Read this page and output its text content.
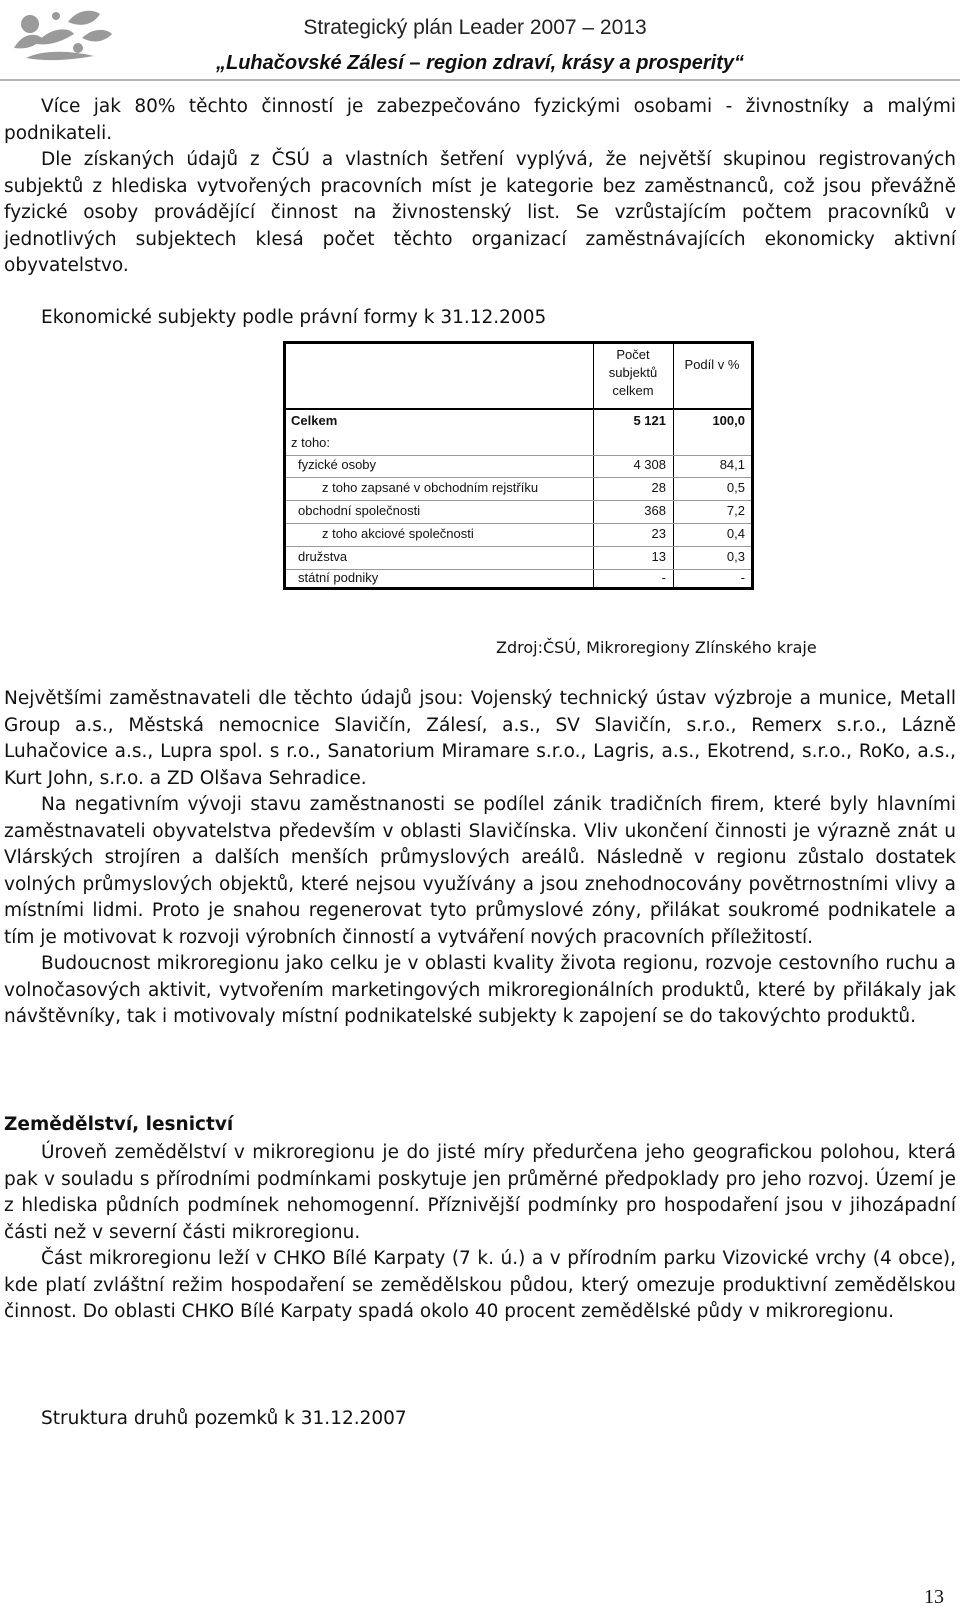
Strategický plán Leader 2007 – 2013
„Luhačovské Zálesí – region zdraví, krásy a prosperity“

Více jak 80% těchto činností je zabezpečováno fyzickými osobami - živnostníky a malými podnikateli.

Dle získaných údajů z ČSÚ a vlastních šetření vyplývá, že největší skupinou registrovaných subjektů z hlediska vytvořených pracovních míst je kategorie bez zaměstnanců, což jsou převážně fyzické osoby provádějící činnost na živnostenský list. Se vzrůstajícím počtem pracovníků v jednotlivých subjektech klesá počet těchto organizací zaměstnávajících ekonomicky aktivní obyvatelstvo.

Ekonomické subjekty podle právní formy k 31.12.2005
Počet subjektů celkem
Podíl v %
Celkem	5 121	100,0
z toho:
fyzické osoby	4 308	84,1
z toho zapsané v obchodním rejstříku	28	0,5
obchodní společnosti	368	7,2
z toho akciové společnosti	23	0,4
družstva	13	0,3
státní podniky	-	-
Zdroj:ČSÚ, Mikroregiony Zlínského kraje

Největšími zaměstnavateli dle těchto údajů jsou: Vojenský technický ústav výzbroje a munice, Metall Group a.s., Městská nemocnice Slavičín, Zálesí, a.s., SV Slavičín, s.r.o., Remerx s.r.o., Lázně Luhačovice a.s., Lupra spol. s r.o., Sanatorium Miramare s.r.o., Lagris, a.s., Ekotrend, s.r.o., RoKo, a.s., Kurt John, s.r.o. a ZD Olšava Sehradice.

Na negativním vývoji stavu zaměstnanosti se podílel zánik tradičních firem, které byly hlavními zaměstnavateli obyvatelstva především v oblasti Slavičínska. Vliv ukončení činnosti je výrazně znát u Vlárských strojíren a dalších menších průmyslových areálů. Následně v regionu zůstalo dostatek volných průmyslových objektů, které nejsou využívány a jsou znehodnocovány povětrnostními vlivy a místními lidmi. Proto je snahou regenerovat tyto průmyslové zóny, přilákat soukromé podnikatele a tím je motivovat k rozvoji výrobních činností a vytváření nových pracovních příležitostí.

Budoucnost mikroregionu jako celku je v oblasti kvality života regionu, rozvoje cestovního ruchu a volnočasových aktivit, vytvořením marketingových mikroregionálních produktů, které by přilákaly jak návštěvníky, tak i motivovaly místní podnikatelské subjekty k zapojení se do takovýchto produktů.

Zemědělství, lesnictví

Úroveň zemědělství v mikroregionu je do jisté míry předurčena jeho geografickou polohou, která pak v souladu s přírodními podmínkami poskytuje jen průměrné předpoklady pro jeho rozvoj. Území je z hlediska půdních podmínek nehomogenní. Příznivější podmínky pro hospodaření jsou v jihozápadní části než v severní části mikroregionu.

Část mikroregionu leží v CHKO Bílé Karpaty (7 k. ú.) a v přírodním parku Vizovické vrchy (4 obce), kde platí zvláštní režim hospodaření se zemědělskou půdou, který omezuje produktivní zemědělskou činnost. Do oblasti CHKO Bílé Karpaty spadá okolo 40 procent zemědělské půdy v mikroregionu.

Struktura druhů pozemků k 31.12.2007
13
